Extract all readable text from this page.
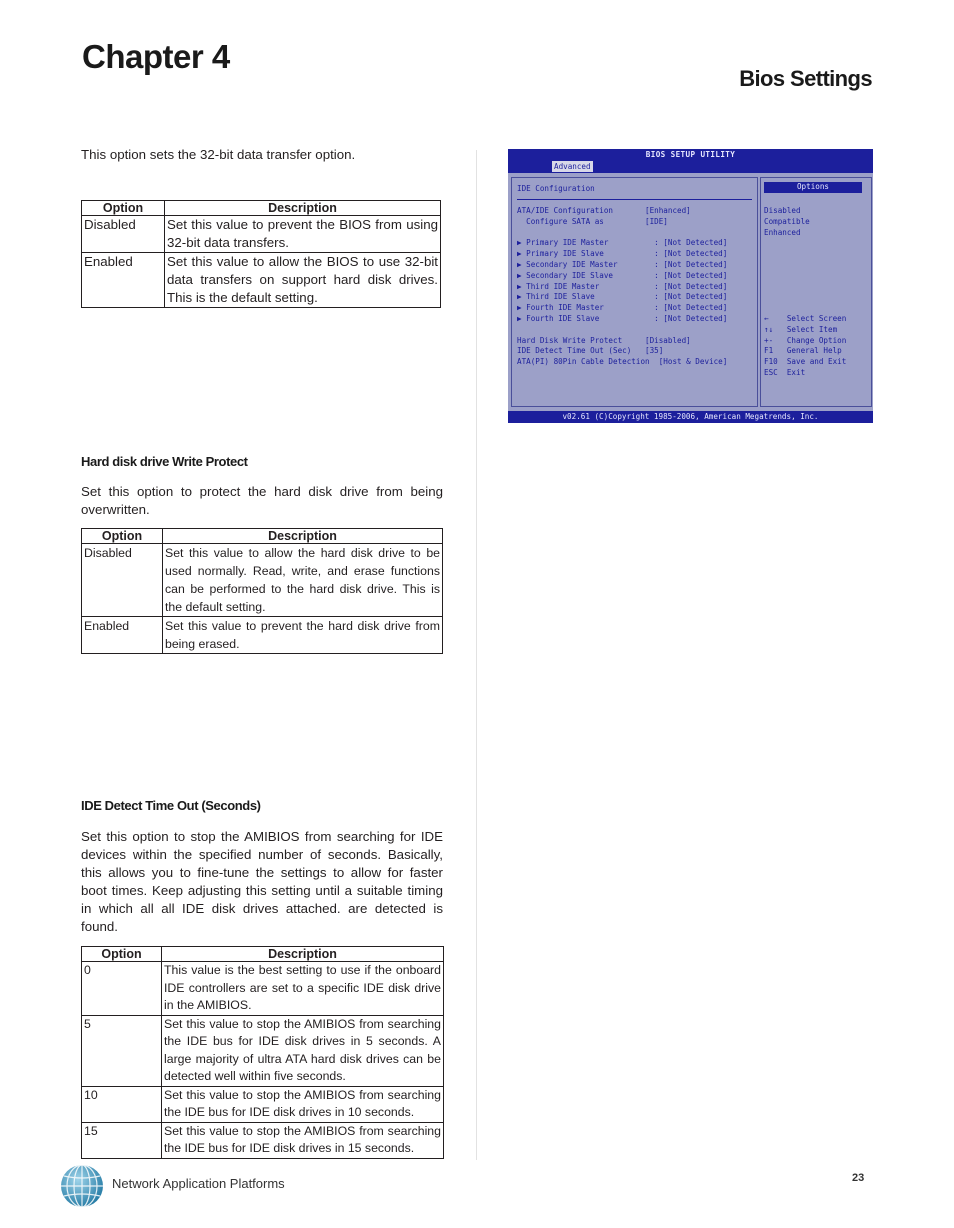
Chapter 4
Bios Settings
This option sets the 32-bit data transfer option.
Option	Description
Disabled	Set this value to prevent the BIOS from using 32-bit data transfers.
Enabled	Set this value to allow the BIOS to use 32-bit data transfers on support hard disk drives. This is the default setting.
Hard disk drive Write Protect
Set this option to protect the hard disk drive from being overwritten.
Option	Description
Disabled	Set this value to allow the hard disk drive to be used normally. Read, write, and erase functions can be performed to the hard disk drive. This is the default setting.
Enabled	Set this value to prevent the hard disk drive from being erased.
IDE Detect Time Out (Seconds)
Set this option to stop the AMIBIOS from searching for IDE devices within the specified number of seconds. Basically, this allows you to fine-tune the settings to allow for faster boot times. Keep adjusting this setting until a suitable timing in which all all IDE disk drives attached. are detected is found.
Option	Description
0	This value is the best setting to use if the onboard IDE controllers are set to a specific IDE disk drive in the AMIBIOS.
5	Set this value to stop the AMIBIOS from searching the IDE bus for IDE disk drives in 5 seconds. A large majority of ultra ATA hard disk drives can be detected well within five seconds.
10	Set this value to stop the AMIBIOS from searching the IDE bus for IDE disk drives in 10 seconds.
15	Set this value to stop the AMIBIOS from searching the IDE bus for IDE disk drives in 15 seconds.
BIOS SETUP UTILITY
Advanced
IDE Configuration
ATA/IDE Configuration       [Enhanced]
Configure SATA as         [IDE]
▶ Primary IDE Master          : [Not Detected]
▶ Primary IDE Slave           : [Not Detected]
▶ Secondary IDE Master        : [Not Detected]
▶ Secondary IDE Slave         : [Not Detected]
▶ Third IDE Master            : [Not Detected]
▶ Third IDE Slave             : [Not Detected]
▶ Fourth IDE Master           : [Not Detected]
▶ Fourth IDE Slave            : [Not Detected]
Hard Disk Write Protect     [Disabled]
IDE Detect Time Out (Sec)   [35]
ATA(PI) 80Pin Cable Detection  [Host & Device]
Options
Disabled
Compatible
Enhanced
←    Select Screen
↑↓   Select Item
+-   Change Option
F1   General Help
F10  Save and Exit
ESC  Exit
v02.61 (C)Copyright 1985-2006, American Megatrends, Inc.
Network Application Platforms	23
